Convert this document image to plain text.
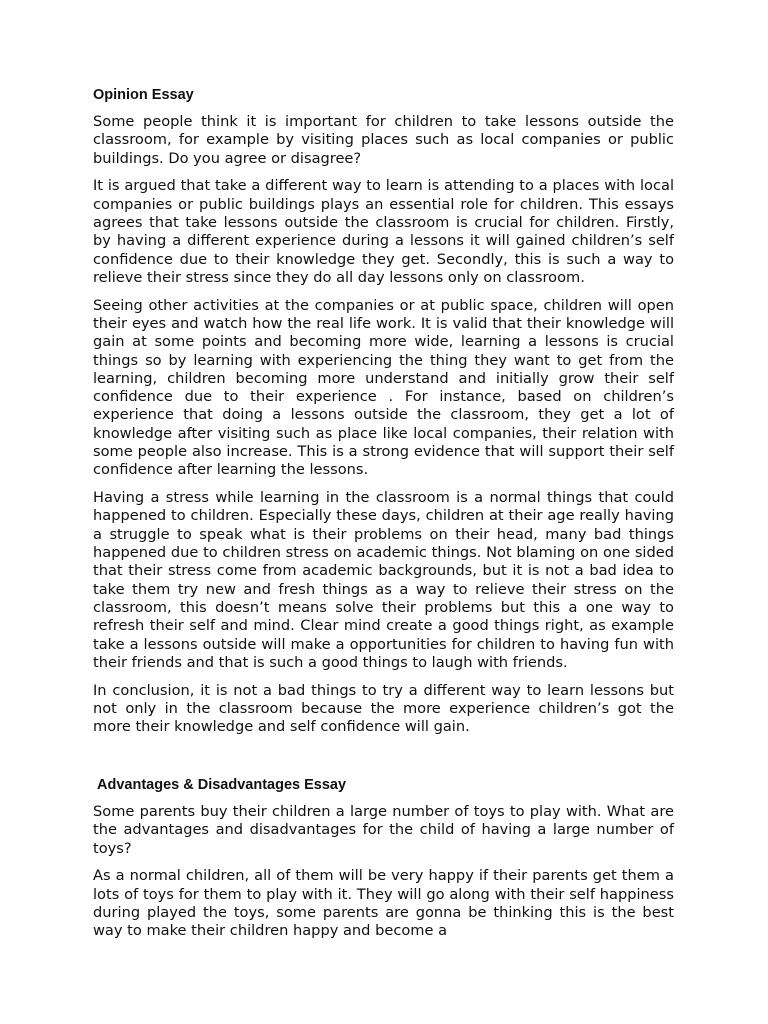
Opinion Essay

Some people think it is important for children to take lessons outside the classroom, for example by visiting places such as local companies or public buildings. Do you agree or disagree?

It is argued that take a different way to learn is attending to a places with local companies or public buildings plays an essential role for children. This essays agrees that take lessons outside the classroom is crucial for children. Firstly, by having a different experience during a lessons it will gained children’s self confidence due to their knowledge they get. Secondly, this is such a way to relieve their stress since they do all day lessons only on classroom.

Seeing other activities at the companies or at public space, children will open their eyes and watch how the real life work. It is valid that their knowledge will gain at some points and becoming more wide, learning a lessons is crucial things so by learning with experiencing the thing they want to get from the learning, children becoming more understand and initially grow their self confidence due to their experience . For instance, based on children’s experience that doing a lessons outside the classroom, they get a lot of knowledge after visiting such as place like local companies, their relation with some people also increase. This is a strong evidence that will support their self confidence after learning the lessons.

Having a stress while learning in the classroom is a normal things that could happened to children. Especially these days, children at their age really having a struggle to speak what is their problems on their head, many bad things happened due to children stress on academic things. Not blaming on one sided that their stress come from academic backgrounds, but it is not a bad idea to take them try new and fresh things as a way to relieve their stress on the classroom, this doesn’t means solve their problems but this a one way to refresh their self and mind. Clear mind create a good things right, as example take a lessons outside will make a opportunities for children to having fun with their friends and that is such a good things to laugh with friends.

In conclusion, it is not a bad things to try a different way to learn lessons but not only in the classroom because the more experience children’s got the more their knowledge and self confidence will gain.

Advantages & Disadvantages Essay

Some parents buy their children a large number of toys to play with. What are the advantages and disadvantages for the child of having a large number of toys?

As a normal children, all of them will be very happy if their parents get them a lots of toys for them to play with it. They will go along with their self happiness during played the toys, some parents are gonna be thinking this is the best way to make their children happy and become a
